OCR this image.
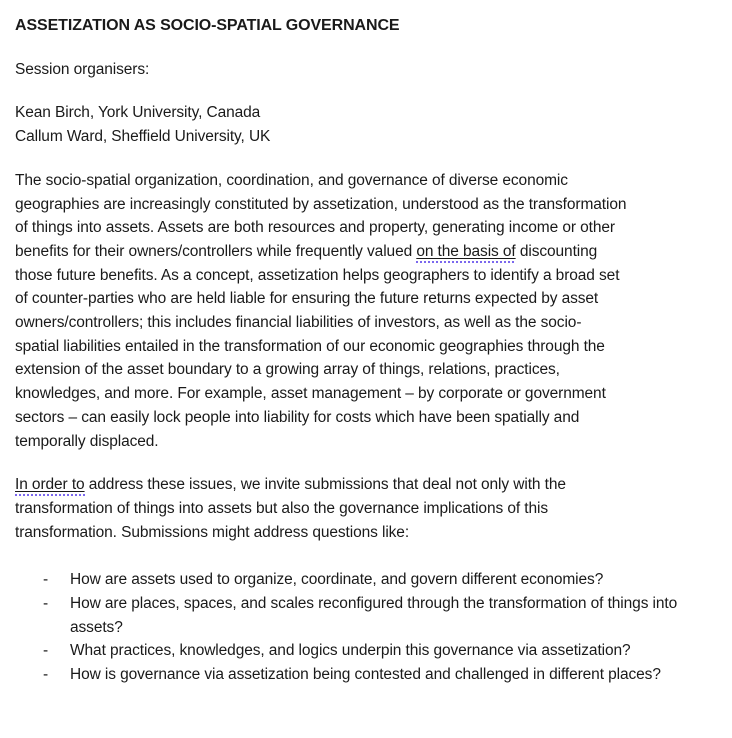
ASSETIZATION AS SOCIO-SPATIAL GOVERNANCE

Session organisers:

Kean Birch, York University, Canada
Callum Ward, Sheffield University, UK

The socio-spatial organization, coordination, and governance of diverse economic
geographies are increasingly constituted by assetization, understood as the transformation
of things into assets. Assets are both resources and property, generating income or other
benefits for their owners/controllers while frequently valued on the basis of discounting
those future benefits. As a concept, assetization helps geographers to identify a broad set
of counter-parties who are held liable for ensuring the future returns expected by asset
owners/controllers; this includes financial liabilities of investors, as well as the socio-
spatial liabilities entailed in the transformation of our economic geographies through the
extension of the asset boundary to a growing array of things, relations, practices,
knowledges, and more. For example, asset management – by corporate or government
sectors – can easily lock people into liability for costs which have been spatially and
temporally displaced.

In order to address these issues, we invite submissions that deal not only with the
transformation of things into assets but also the governance implications of this
transformation. Submissions might address questions like:

-	How are assets used to organize, coordinate, and govern different economies?
-	How are places, spaces, and scales reconfigured through the transformation of things into assets?
-	What practices, knowledges, and logics underpin this governance via assetization?
-	How is governance via assetization being contested and challenged in different places?
